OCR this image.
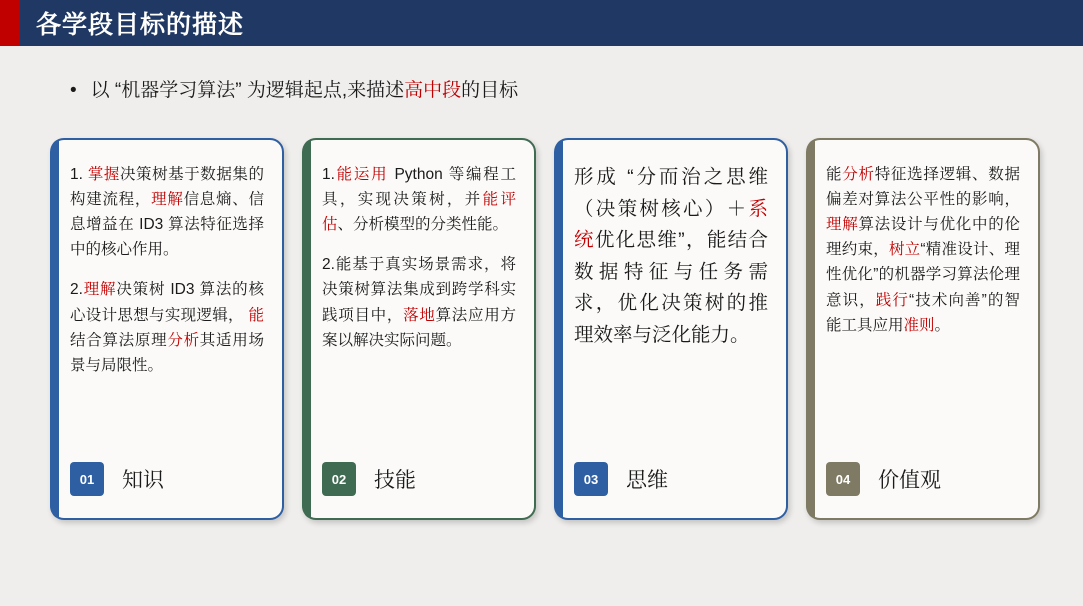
各学段目标的描述
• 以 “机器学习算法” 为逻辑起点,来描述高中段的目标

1. 掌握决策树基于数据集的构建流程，理解信息熵、信息增益在 ID3 算法特征选择中的核心作用。

2.理解决策树 ID3 算法的核心设计思想与实现逻辑， 能结合算法原理分析其适用场景与局限性。

01	知识

1.能运用 Python 等编程工具，实现决策树，并能评估、分析模型的分类性能。

2.能基于真实场景需求，将决策树算法集成到跨学科实践项目中，落地算法应用方案以解决实际问题。

02	技能

形成 “分而治之思维（决策树核心）＋系统优化思维”，能结合数据特征与任务需求，优化决策树的推理效率与泛化能力。

03	思维

能分析特征选择逻辑、数据偏差对算法公平性的影响，理解算法设计与优化中的伦理约束，树立“精准设计、理性优化”的机器学习算法伦理意识，践行“技术向善”的智能工具应用准则。

04	价值观
